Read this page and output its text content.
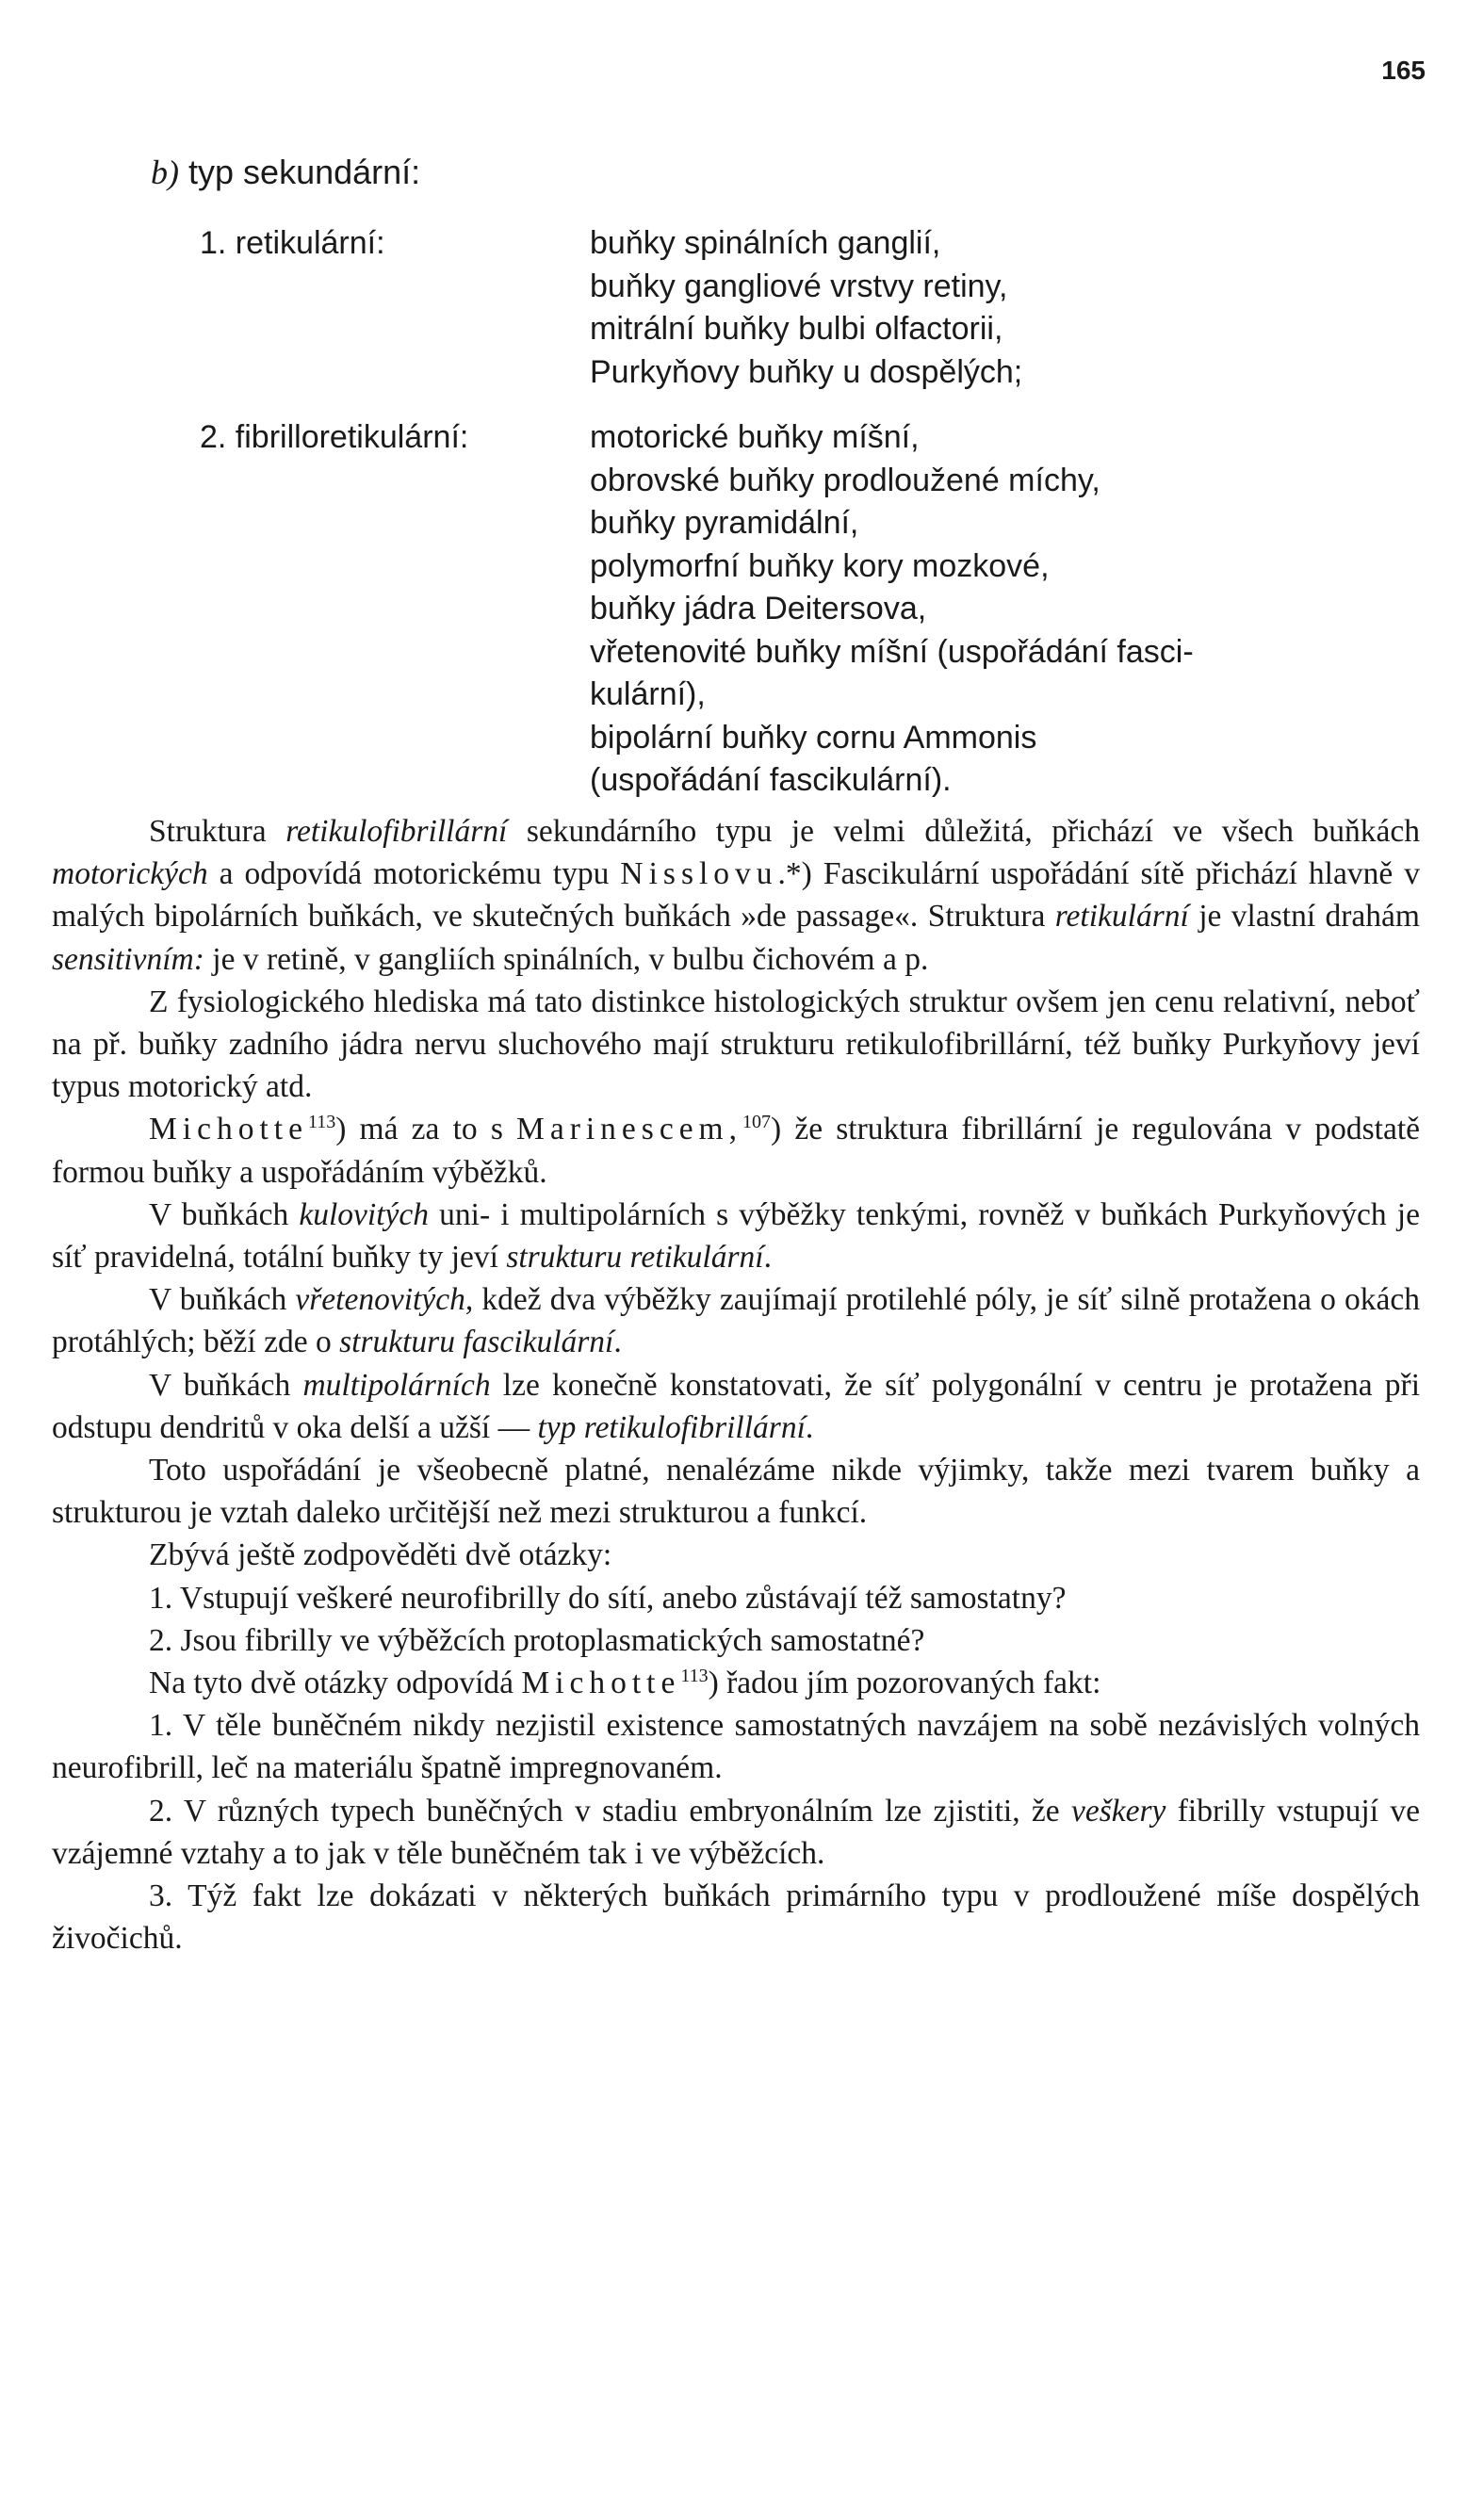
165
b) typ sekundární:
1. retikulární:	buňky spinálních ganglií,
buňky gangliové vrstvy retiny,
mitrální buňky bulbi olfactorii,
Purkyňovy buňky u dospělých;
2. fibrilloretikulární:	motorické buňky míšní,
obrovské buňky prodloužené míchy,
buňky pyramidální,
polymorfní buňky kory mozkové,
buňky jádra Deitersova,
vřetenovité buňky míšní (uspořádání fasci-
kulární),
bipolární buňky cornu Ammonis
(uspořádání fascikulární).

Struktura retikulofibrillární sekundárního typu je velmi důležitá, přichází ve všech buňkách motorických a odpovídá motorickému typu Nisslovu.*) Fascikulární uspořádání sítě přichází hlavně v malých bipolárních buňkách, ve skutečných buňkách »de passage«. Struktura retikulární je vlastní drahám sensitivním: je v retině, v gangliích spinálních, v bulbu čichovém a p.

Z fysiologického hlediska má tato distinkce histologických struktur ovšem jen cenu relativní, neboť na př. buňky zadního jádra nervu sluchového mají strukturu retikulofibrillární, též buňky Purkyňovy jeví typus motorický atd.

Michotte$^{113}$) má za to s Marinescem,$^{107}$) že struktura fibrillární je regulována v podstatě formou buňky a uspořádáním výběžků.

V buňkách kulovitých uni- i multipolárních s výběžky tenkými, rovněž v buňkách Purkyňových je síť pravidelná, totální buňky ty jeví strukturu retikulární.

V buňkách vřetenovitých, kdež dva výběžky zaujímají protilehlé póly, je síť silně protažena o okách protáhlých; běží zde o strukturu fascikulární.

V buňkách multipolárních lze konečně konstatovati, že síť polygonální v centru je protažena při odstupu dendritů v oka delší a užší — typ retikulofibrillární.

Toto uspořádání je všeobecně platné, nenalézáme nikde výjimky, takže mezi tvarem buňky a strukturou je vztah daleko určitější než mezi strukturou a funkcí.

Zbývá ještě zodpověděti dvě otázky:

1. Vstupují veškeré neurofibrilly do sítí, anebo zůstávají též samostatny?

2. Jsou fibrilly ve výběžcích protoplasmatických samostatné?

Na tyto dvě otázky odpovídá Michotte$^{113}$) řadou jím pozorovaných fakt:

1. V těle buněčném nikdy nezjistil existence samostatných navzájem na sobě nezávislých volných neurofibrill, leč na materiálu špatně impregnovaném.

2. V různých typech buněčných v stadiu embryonálním lze zjistiti, že veškery fibrilly vstupují ve vzájemné vztahy a to jak v těle buněčném tak i ve výběžcích.

3. Týž fakt lze dokázati v některých buňkách primárního typu v prodloužené míše dospělých živočichů.
